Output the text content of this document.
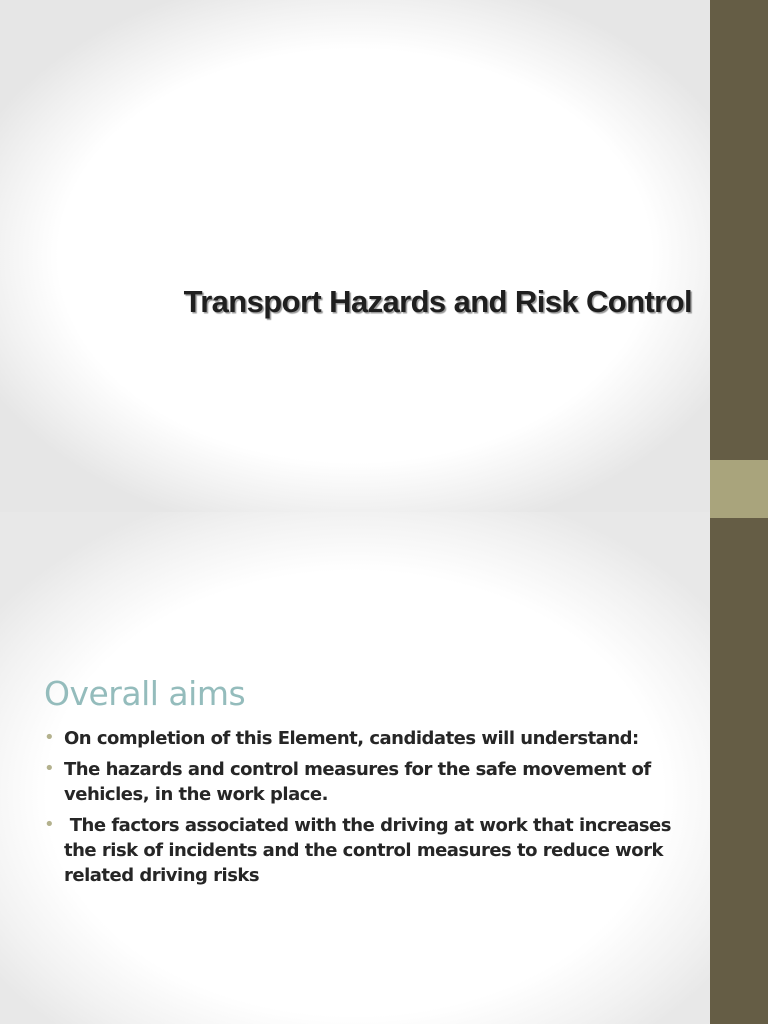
Transport Hazards and Risk Control
Overall aims
• On completion of this Element, candidates will understand:
• The hazards and control measures for the safe movement of vehicles, in the work place.
• The factors associated with the driving at work that increases the risk of incidents and the control measures to reduce work related driving risks
